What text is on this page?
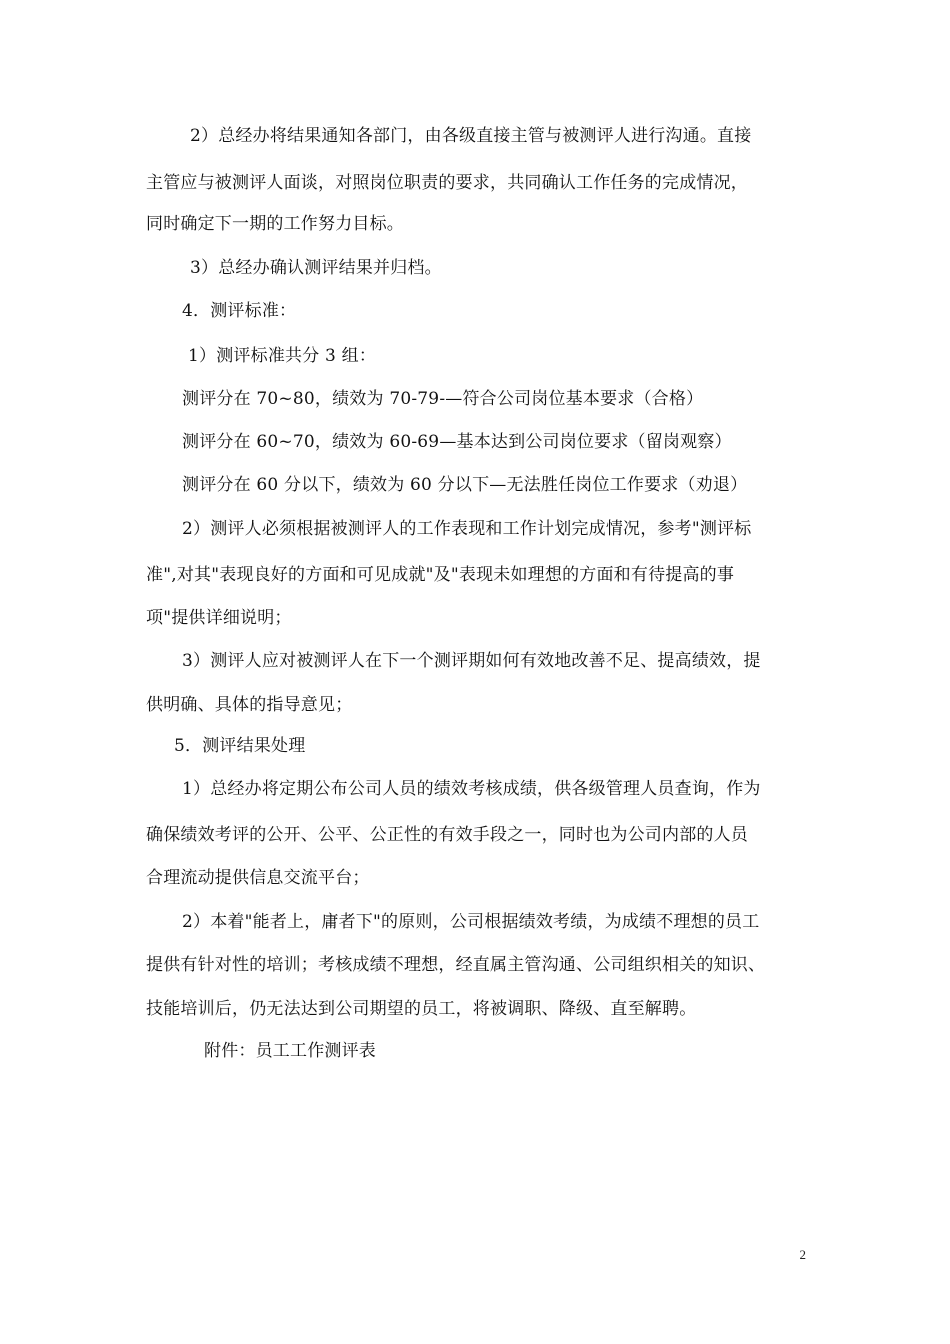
2）总经办将结果通知各部门，由各级直接主管与被测评人进行沟通。直接
主管应与被测评人面谈，对照岗位职责的要求，共同确认工作任务的完成情况，
同时确定下一期的工作努力目标。
3）总经办确认测评结果并归档。
4．测评标准：
1）测评标准共分 3 组：
测评分在 70~80，绩效为 70-79-—符合公司岗位基本要求（合格）
测评分在 60~70，绩效为 60-69—基本达到公司岗位要求（留岗观察）
测评分在 60 分以下，绩效为 60 分以下—无法胜任岗位工作要求（劝退）
2）测评人必须根据被测评人的工作表现和工作计划完成情况，参考"测评标
准",对其"表现良好的方面和可见成就"及"表现未如理想的方面和有待提高的事
项"提供详细说明；
3）测评人应对被测评人在下一个测评期如何有效地改善不足、提高绩效，提
供明确、具体的指导意见；
5．测评结果处理
1）总经办将定期公布公司人员的绩效考核成绩，供各级管理人员查询，作为
确保绩效考评的公开、公平、公正性的有效手段之一，同时也为公司内部的人员
合理流动提供信息交流平台；
2）本着"能者上，庸者下"的原则，公司根据绩效考绩，为成绩不理想的员工
提供有针对性的培训；考核成绩不理想，经直属主管沟通、公司组织相关的知识、
技能培训后，仍无法达到公司期望的员工，将被调职、降级、直至解聘。
附件：员工工作测评表
2
